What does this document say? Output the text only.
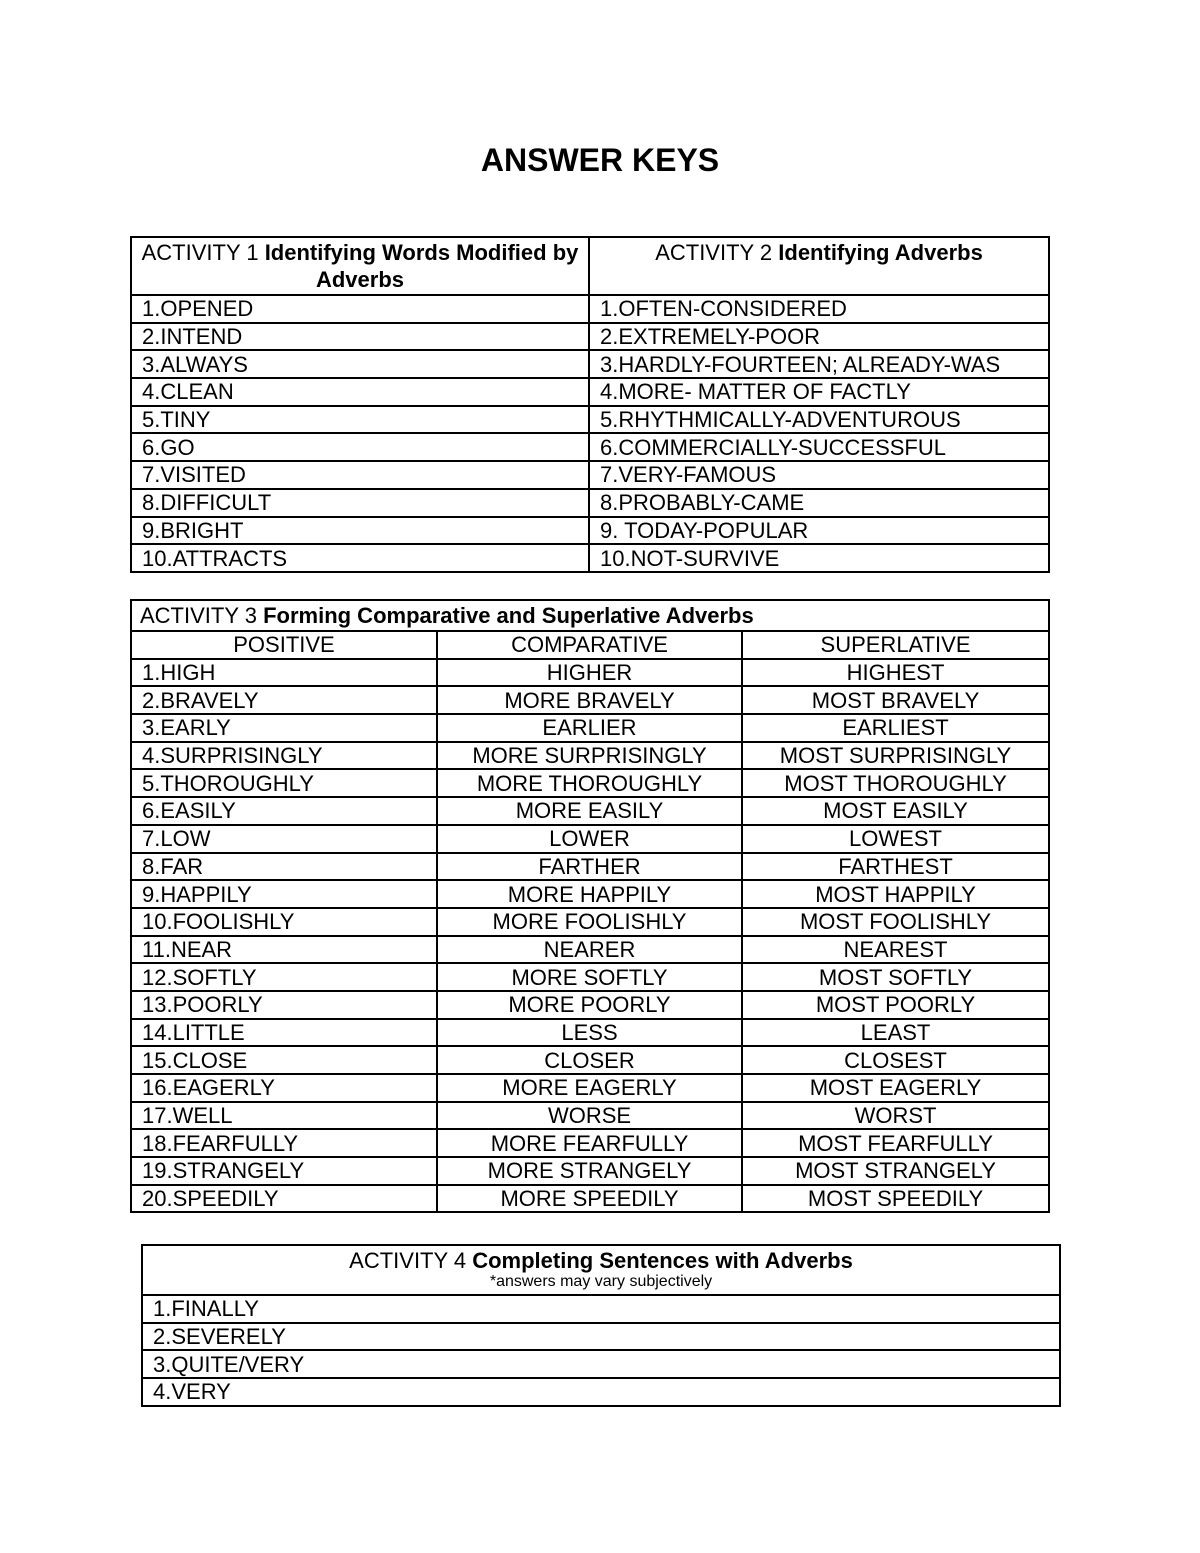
ANSWER KEYS
ACTIVITY 1 Identifying Words Modified by Adverbs	ACTIVITY 2 Identifying Adverbs
1.OPENED	1.OFTEN-CONSIDERED
2.INTEND	2.EXTREMELY-POOR
3.ALWAYS	3.HARDLY-FOURTEEN; ALREADY-WAS
4.CLEAN	4.MORE- MATTER OF FACTLY
5.TINY	5.RHYTHMICALLY-ADVENTUROUS
6.GO	6.COMMERCIALLY-SUCCESSFUL
7.VISITED	7.VERY-FAMOUS
8.DIFFICULT	8.PROBABLY-CAME
9.BRIGHT	9. TODAY-POPULAR
10.ATTRACTS	10.NOT-SURVIVE
ACTIVITY 3 Forming Comparative and Superlative Adverbs		
POSITIVE	COMPARATIVE	SUPERLATIVE
1.HIGH	HIGHER	HIGHEST
2.BRAVELY	MORE BRAVELY	MOST BRAVELY
3.EARLY	EARLIER	EARLIEST
4.SURPRISINGLY	MORE SURPRISINGLY	MOST SURPRISINGLY
5.THOROUGHLY	MORE THOROUGHLY	MOST THOROUGHLY
6.EASILY	MORE EASILY	MOST EASILY
7.LOW	LOWER	LOWEST
8.FAR	FARTHER	FARTHEST
9.HAPPILY	MORE HAPPILY	MOST HAPPILY
10.FOOLISHLY	MORE FOOLISHLY	MOST FOOLISHLY
11.NEAR	NEARER	NEAREST
12.SOFTLY	MORE SOFTLY	MOST SOFTLY
13.POORLY	MORE POORLY	MOST POORLY
14.LITTLE	LESS	LEAST
15.CLOSE	CLOSER	CLOSEST
16.EAGERLY	MORE EAGERLY	MOST EAGERLY
17.WELL	WORSE	WORST
18.FEARFULLY	MORE FEARFULLY	MOST FEARFULLY
19.STRANGELY	MORE STRANGELY	MOST STRANGELY
20.SPEEDILY	MORE SPEEDILY	MOST SPEEDILY
ACTIVITY 4 Completing Sentences with Adverbs
*answers may vary subjectively

1.FINALLY
2.SEVERELY
3.QUITE/VERY
4.VERY
